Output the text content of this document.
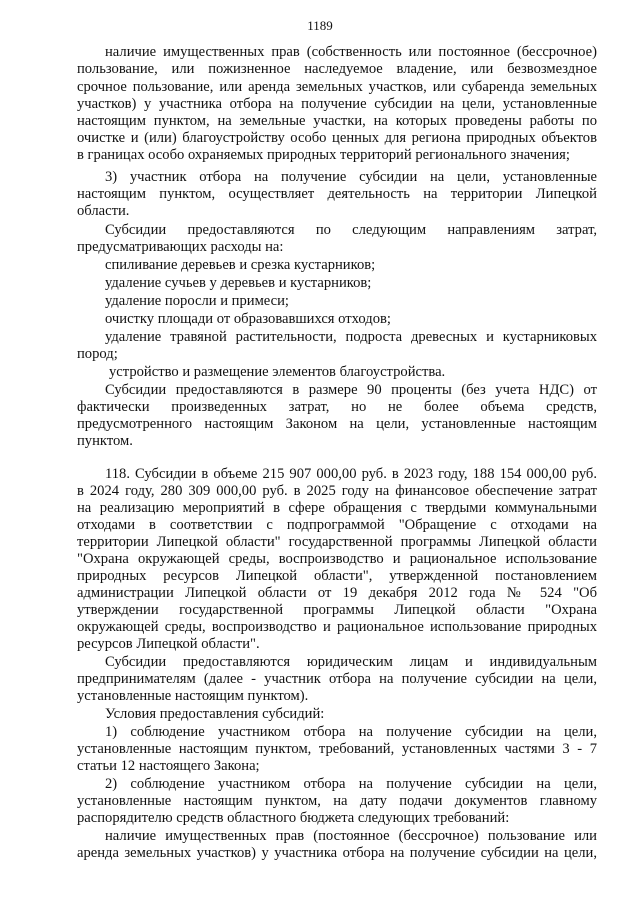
1189
наличие имущественных прав (собственность или постоянное (бессрочное)
пользование, или пожизненное наследуемое владение, или безвозмездное
срочное пользование, или аренда земельных участков, или субаренда земельных
участков) у участника отбора на получение субсидии на цели, установленные
настоящим пунктом, на земельные участки, на которых проведены работы по
очистке и (или) благоустройству особо ценных для региона природных объектов
в границах особо охраняемых природных территорий регионального значения;
3) участник отбора на получение субсидии на цели, установленные
настоящим пунктом, осуществляет деятельность на территории Липецкой
области.
Субсидии предоставляются по следующим направлениям затрат,
предусматривающих расходы на:
спиливание деревьев и срезка кустарников;
удаление сучьев у деревьев и кустарников;
удаление поросли и примеси;
очистку площади от образовавшихся отходов;
удаление травяной растительности, подроста древесных и кустарниковых
пород;
устройство и размещение элементов благоустройства.
Субсидии предоставляются в размере 90 проценты (без учета НДС) от
фактически произведенных затрат, но не более объема средств,
предусмотренного настоящим Законом на цели, установленные настоящим
пунктом.
118. Субсидии в объеме 215 907 000,00 руб. в 2023 году, 188 154 000,00 руб.
в 2024 году, 280 309 000,00 руб. в 2025 году на финансовое обеспечение затрат
на реализацию мероприятий в сфере обращения с твердыми коммунальными
отходами в соответствии с подпрограммой "Обращение с отходами на
территории Липецкой области" государственной программы Липецкой области
"Охрана окружающей среды, воспроизводство и рациональное использование
природных ресурсов Липецкой области", утвержденной постановлением
администрации Липецкой области от 19 декабря 2012 года № 524 "Об
утверждении государственной программы Липецкой области "Охрана
окружающей среды, воспроизводство и рациональное использование природных
ресурсов Липецкой области".
Субсидии предоставляются юридическим лицам и индивидуальным
предпринимателям (далее - участник отбора на получение субсидии на цели,
установленные настоящим пунктом).
Условия предоставления субсидий:
1) соблюдение участником отбора на получение субсидии на цели,
установленные настоящим пунктом, требований, установленных частями 3 - 7
статьи 12 настоящего Закона;
2) соблюдение участником отбора на получение субсидии на цели,
установленные настоящим пунктом, на дату подачи документов главному
распорядителю средств областного бюджета следующих требований:
наличие имущественных прав (постоянное (бессрочное) пользование или
аренда земельных участков) у участника отбора на получение субсидии на цели,
